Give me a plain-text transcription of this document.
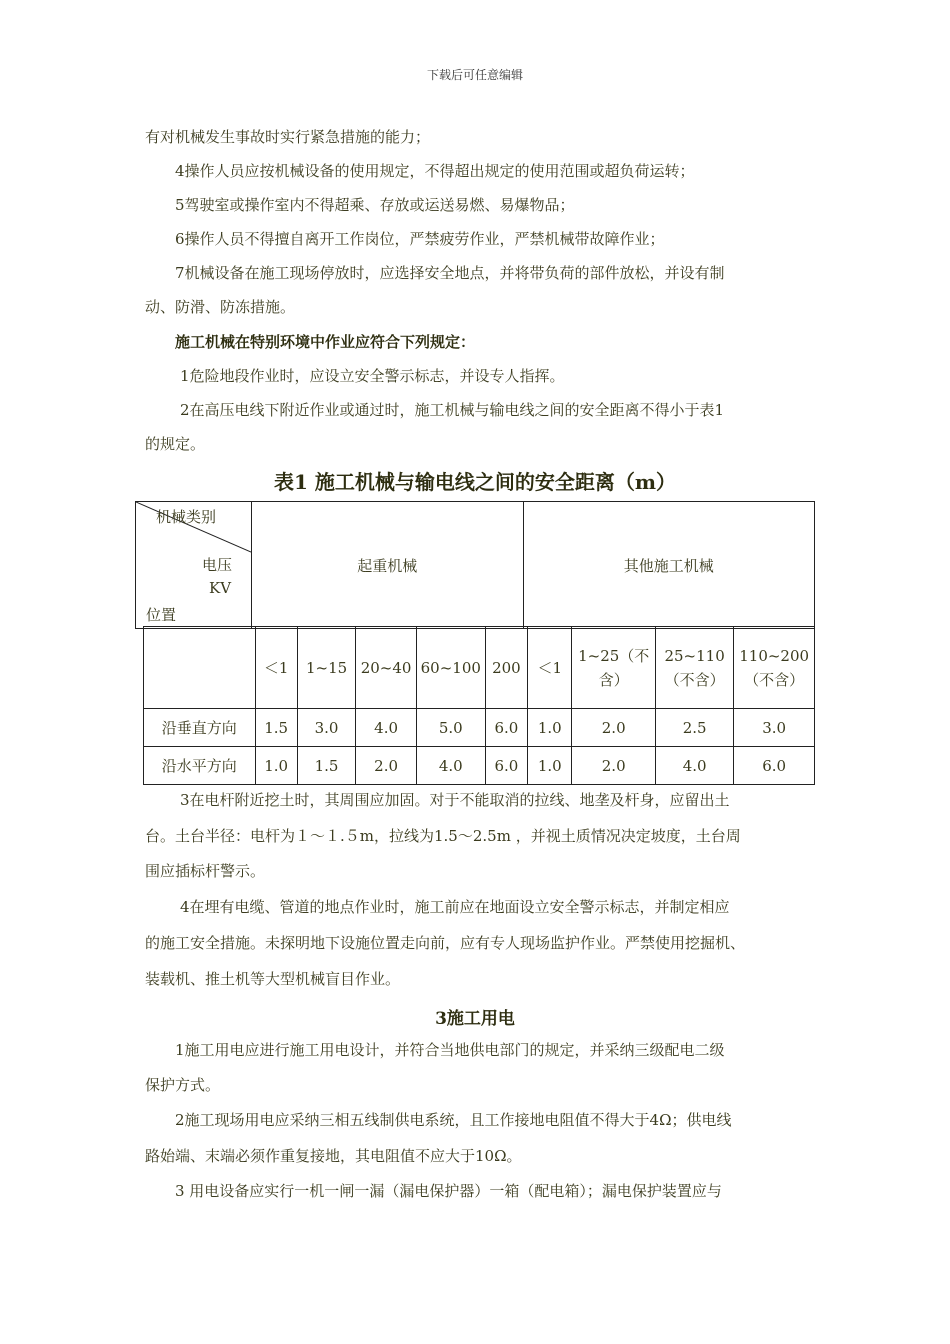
下载后可任意编辑
有对机械发生事故时实行紧急措施的能力；
4操作人员应按机械设备的使用规定，不得超出规定的使用范围或超负荷运转；
5驾驶室或操作室内不得超乘、存放或运送易燃、易爆物品；
6操作人员不得擅自离开工作岗位，严禁疲劳作业，严禁机械带故障作业；
7机械设备在施工现场停放时，应选择安全地点，并将带负荷的部件放松，并设有制
动、防滑、防冻措施。
施工机械在特别环境中作业应符合下列规定：
1危险地段作业时，应设立安全警示标志，并设专人指挥。
2在高压电线下附近作业或通过时，施工机械与输电线之间的安全距离不得小于表1
的规定。
表1 施工机械与输电线之间的安全距离（m）
机械类别
电压
KV
位置
	起重机械	其他施工机械
	＜1	1~15	20~40	60~100	200	＜1	1~25（不含）	25~110（不含）	110~200（不含）
沿垂直方向	1.5	3.0	4.0	5.0	6.0	1.0	2.0	2.5	3.0
沿水平方向	1.0	1.5	2.0	4.0	6.0	1.0	2.0	4.0	6.0
3在电杆附近挖土时，其周围应加固。对于不能取消的拉线、地垄及杆身，应留出土
台。土台半径：电杆为１～１.５m，拉线为1.5～2.5m ，并视土质情况决定坡度，土台周
围应插标杆警示。
4在埋有电缆、管道的地点作业时，施工前应在地面设立安全警示标志，并制定相应
的施工安全措施。未探明地下设施位置走向前，应有专人现场监护作业。严禁使用挖掘机、
装载机、推土机等大型机械盲目作业。
3施工用电
1施工用电应进行施工用电设计，并符合当地供电部门的规定，并采纳三级配电二级
保护方式。
2施工现场用电应采纳三相五线制供电系统，且工作接地电阻值不得大于4Ω；供电线
路始端、末端必须作重复接地，其电阻值不应大于10Ω。
3 用电设备应实行一机一闸一漏（漏电保护器）一箱（配电箱）；漏电保护装置应与
